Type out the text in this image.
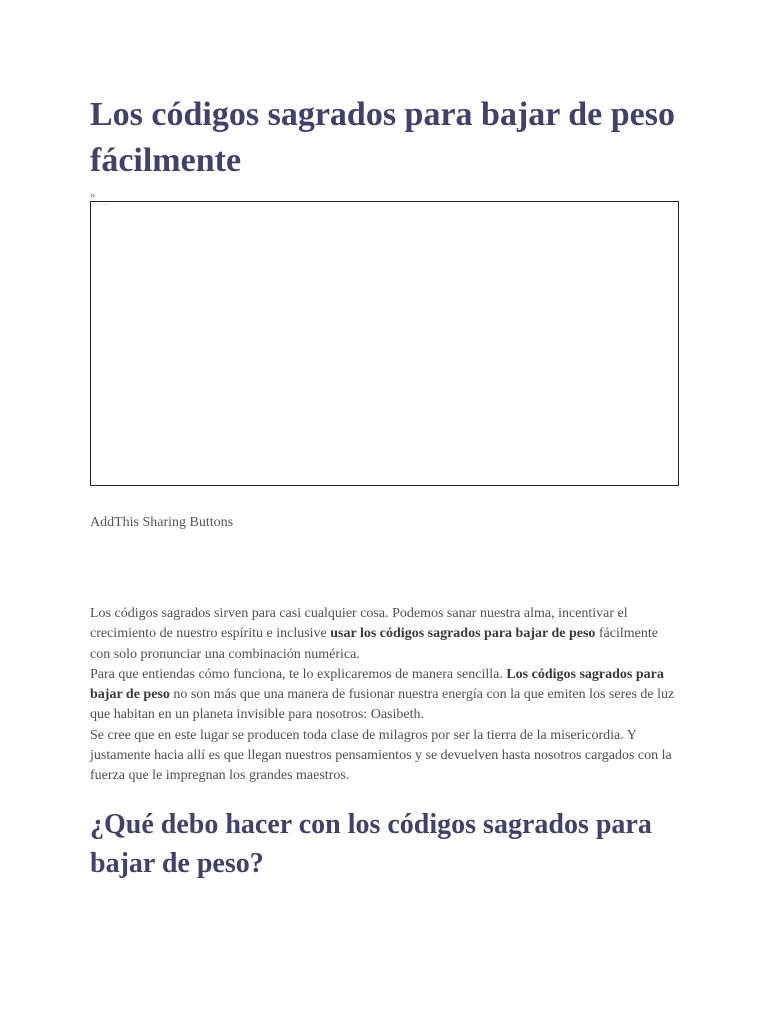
Los códigos sagrados para bajar de peso fácilmente
»
···· ·······
AddThis Sharing Buttons

Los códigos sagrados sirven para casi cualquier cosa. Podemos sanar nuestra alma, incentivar el crecimiento de nuestro espíritu e inclusive usar los códigos sagrados para bajar de peso fácilmente con solo pronunciar una combinación numérica.

Para que entiendas cómo funciona, te lo explicaremos de manera sencilla. Los códigos sagrados para bajar de peso no son más que una manera de fusionar nuestra energía con la que emiten los seres de luz que habitan en un planeta invisible para nosotros: Oasibeth.

Se cree que en este lugar se producen toda clase de milagros por ser la tierra de la misericordia. Y justamente hacia allí es que llegan nuestros pensamientos y se devuelven hasta nosotros cargados con la fuerza que le impregnan los grandes maestros.

¿Qué debo hacer con los códigos sagrados para bajar de peso?
